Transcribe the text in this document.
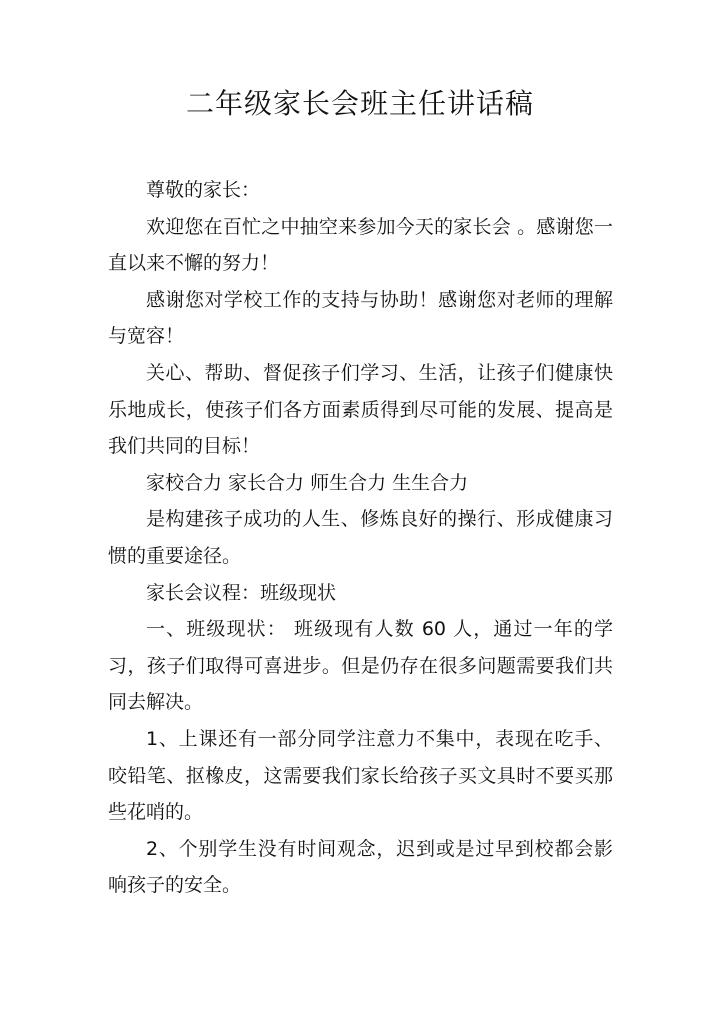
二年级家长会班主任讲话稿

尊敬的家长：

欢迎您在百忙之中抽空来参加今天的家长会 。感谢您一直以来不懈的努力！

感谢您对学校工作的支持与协助！感谢您对老师的理解与宽容！

关心、帮助、督促孩子们学习、生活，让孩子们健康快乐地成长，使孩子们各方面素质得到尽可能的发展、提高是我们共同的目标！

家校合力 家长合力 师生合力 生生合力

是构建孩子成功的人生、修炼良好的操行、形成健康习惯的重要途径。

家长会议程：班级现状

一、班级现状： 班级现有人数 60 人，通过一年的学习，孩子们取得可喜进步。但是仍存在很多问题需要我们共同去解决。

1、上课还有一部分同学注意力不集中，表现在吃手、咬铅笔、抠橡皮，这需要我们家长给孩子买文具时不要买那些花哨的。

2、个别学生没有时间观念，迟到或是过早到校都会影响孩子的安全。
